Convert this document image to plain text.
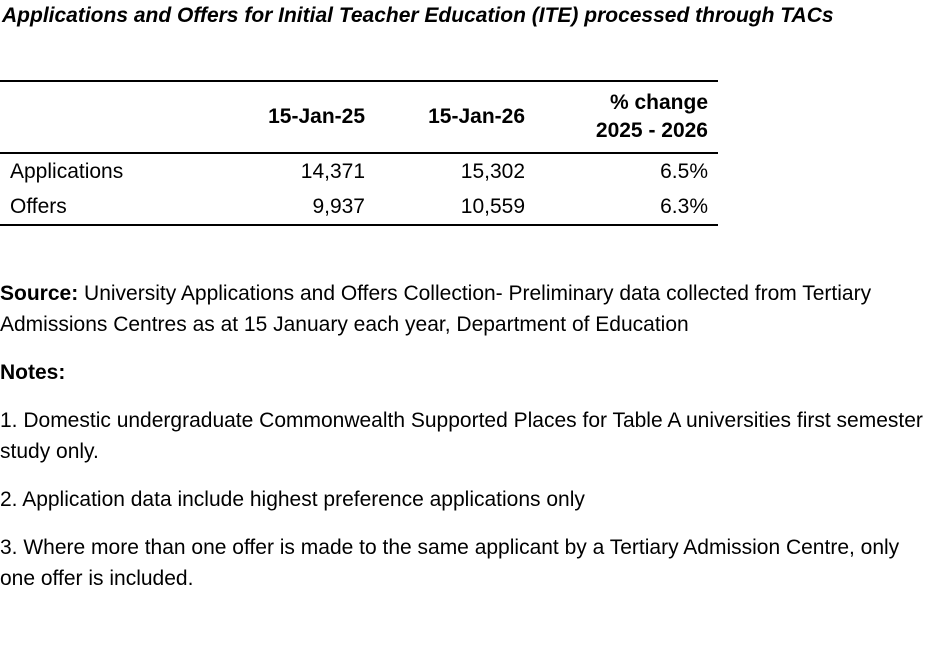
Applications and Offers for Initial Teacher Education (ITE) processed through TACs
	15-Jan-25	15-Jan-26	% change
2025 - 2026
Applications	14,371	15,302	6.5%
Offers	9,937	10,559	6.3%

Source: University Applications and Offers Collection- Preliminary data collected from Tertiary Admissions Centres as at 15 January each year, Department of Education

Notes:

1. Domestic undergraduate Commonwealth Supported Places for Table A universities first semester study only.

2. Application data include highest preference applications only

3. Where more than one offer is made to the same applicant by a Tertiary Admission Centre, only one offer is included.
